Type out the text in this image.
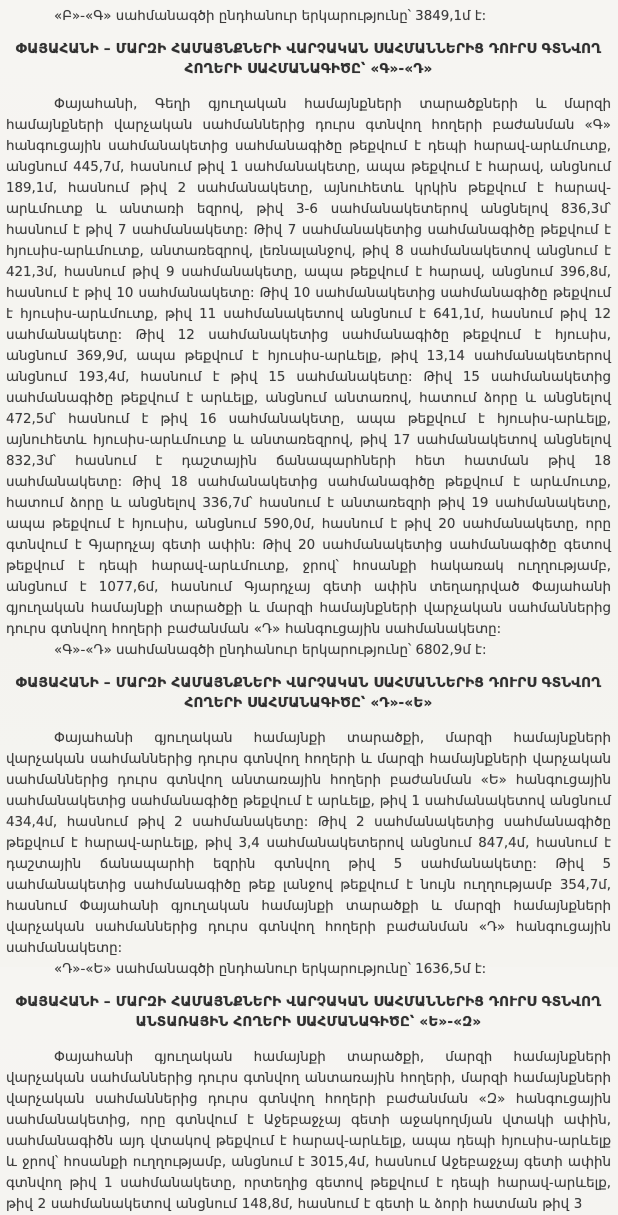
«Բ»-«Գ» սահմանագծի ընդհանուր երկարությունը՝ 3849,1մ է:

ՓԱՅԱՀԱՆԻ – ՄԱՐԶԻ ՀԱՄԱՅՆՔՆԵՐԻ ՎԱՐՉԱԿԱՆ ՍԱՀՄԱՆՆԵՐԻՑ ԴՈՒՐՍ ԳՏՆՎՈՂ
ՀՈՂԵՐԻ ՍԱՀՄԱՆԱԳԻԾԸ՝ «Գ»-«Դ»

Փայահանի, Գեղի գյուղական համայնքների տարածքների և մարզի համայնքների վարչական սահմաններից դուրս գտնվող հողերի բաժանման «Գ» հանգուցային սահմանակետից սահմանագիծը թեքվում է դեպի հարավ-արևմուտք, անցնում 445,7մ, հասնում թիվ 1 սահմանակետը, ապա թեքվում է հարավ, անցնում 189,1մ, հասնում թիվ 2 սահմանակետը, այնուհետև կրկին թեքվում է հարավ-արևմուտք և անտառի եզրով, թիվ 3-6 սահմանակետերով անցնելով 836,3մ՝ հասնում է թիվ 7 սահմանակետը: Թիվ 7 սահմանակետից սահմանագիծը թեքվում է հյուսիս-արևմուտք, անտառեզրով, լեռնալանջով, թիվ 8 սահմանակետով անցնում է 421,3մ, հասնում թիվ 9 սահմանակետը, ապա թեքվում է հարավ, անցնում 396,8մ, հասնում է թիվ 10 սահմանակետը: Թիվ 10 սահմանակետից սահմանագիծը թեքվում է հյուսիս-արևմուտք, թիվ 11 սահմանակետով անցնում է 641,1մ, հասնում թիվ 12 սահմանակետը: Թիվ 12 սահմանակետից սահմանագիծը թեքվում է հյուսիս, անցնում 369,9մ, ապա թեքվում է հյուսիս-արևելք, թիվ 13,14 սահմանակետերով անցնում 193,4մ, հասնում է թիվ 15 սահմանակետը: Թիվ 15 սահմանակետից սահմանագիծը թեքվում է արևելք, անցնում անտառով, հատում ձորը և անցնելով 472,5մ՝ հասնում է թիվ 16 սահմանակետը, ապա թեքվում է հյուսիս-արևելք, այնուհետև հյուսիս-արևմուտք և անտառեզրով, թիվ 17 սահմանակետով անցնելով 832,3մ՝ հասնում է դաշտային ճանապարհների հետ հատման թիվ 18 սահմանակետը: Թիվ 18 սահմանակետից սահմանագիծը թեքվում է արևմուտք, հատում ձորը և անցնելով 336,7մ՝ հասնում է անտառեզրի թիվ 19 սահմանակետը, ապա թեքվում է հյուսիս, անցնում 590,0մ, հասնում է թիվ 20 սահմանակետը, որը գտնվում է Գյարդչայ գետի ափին: Թիվ 20 սահմանակետից սահմանագիծը գետով թեքվում է դեպի հարավ-արևմուտք, ջրով՝ հոսանքի հակառակ ուղղությամբ, անցնում է 1077,6մ, հասնում Գյարդչայ գետի ափին տեղադրված Փայահանի գյուղական համայնքի տարածքի և մարզի համայնքների վարչական սահմաններից դուրս գտնվող հողերի բաժանման «Դ» հանգուցային սահմանակետը:

«Գ»-«Դ» սահմանագծի ընդհանուր երկարությունը՝ 6802,9մ է:

ՓԱՅԱՀԱՆԻ – ՄԱՐԶԻ ՀԱՄԱՅՆՔՆԵՐԻ ՎԱՐՉԱԿԱՆ ՍԱՀՄԱՆՆԵՐԻՑ ԴՈՒՐՍ ԳՏՆՎՈՂ
ՀՈՂԵՐԻ ՍԱՀՄԱՆԱԳԻԾԸ՝ «Դ»-«Ե»

Փայահանի գյուղական համայնքի տարածքի, մարզի համայնքների վարչական սահմաններից դուրս գտնվող հողերի և մարզի համայնքների վարչական սահմաններից դուրս գտնվող անտառային հողերի բաժանման «Ե» հանգուցային սահմանակետից սահմանագիծը թեքվում է արևելք, թիվ 1 սահմանակետով անցնում 434,4մ, հասնում թիվ 2 սահմանակետը: Թիվ 2 սահմանակետից սահմանագիծը թեքվում է հարավ-արևելք, թիվ 3,4 սահմանակետերով անցնում 847,4մ, հասնում է դաշտային ճանապարհի եզրին գտնվող թիվ 5 սահմանակետը: Թիվ 5 սահմանակետից սահմանագիծը թեք լանջով թեքվում է նույն ուղղությամբ 354,7մ, հասնում Փայահանի գյուղական համայնքի տարածքի և մարզի համայնքների վարչական սահմաններից դուրս գտնվող հողերի բաժանման «Դ» հանգուցային սահմանակետը:

«Դ»-«Ե» սահմանագծի ընդհանուր երկարությունը՝ 1636,5մ է:

ՓԱՅԱՀԱՆԻ – ՄԱՐԶԻ ՀԱՄԱՅՆՔՆԵՐԻ ՎԱՐՉԱԿԱՆ ՍԱՀՄԱՆՆԵՐԻՑ ԴՈՒՐՍ ԳՏՆՎՈՂ
ԱՆՏԱՌԱՅԻՆ ՀՈՂԵՐԻ ՍԱՀՄԱՆԱԳԻԾԸ՝ «Ե»-«Զ»

Փայահանի գյուղական համայնքի տարածքի, մարզի համայնքների վարչական սահմաններից դուրս գտնվող անտառային հողերի, մարզի համայնքների վարչական սահմաններից դուրս գտնվող հողերի բաժանման «Զ» հանգուցային սահմանակետից, որը գտնվում է Աջեբաջչայ գետի աջակողմյան վտակի ափին, սահմանագիծն այդ վտակով թեքվում է հարավ-արևելք, ապա դեպի հյուսիս-արևելք և ջրով՝ հոսանքի ուղղությամբ, անցնում է 3015,4մ, հասնում Աջեբաջչայ գետի ափին գտնվող թիվ 1 սահմանակետը, որտեղից գետով թեքվում է դեպի հարավ-արևելք, թիվ 2 սահմանակետով անցնում 148,8մ, հասնում է գետի և ձորի հատման թիվ 3
